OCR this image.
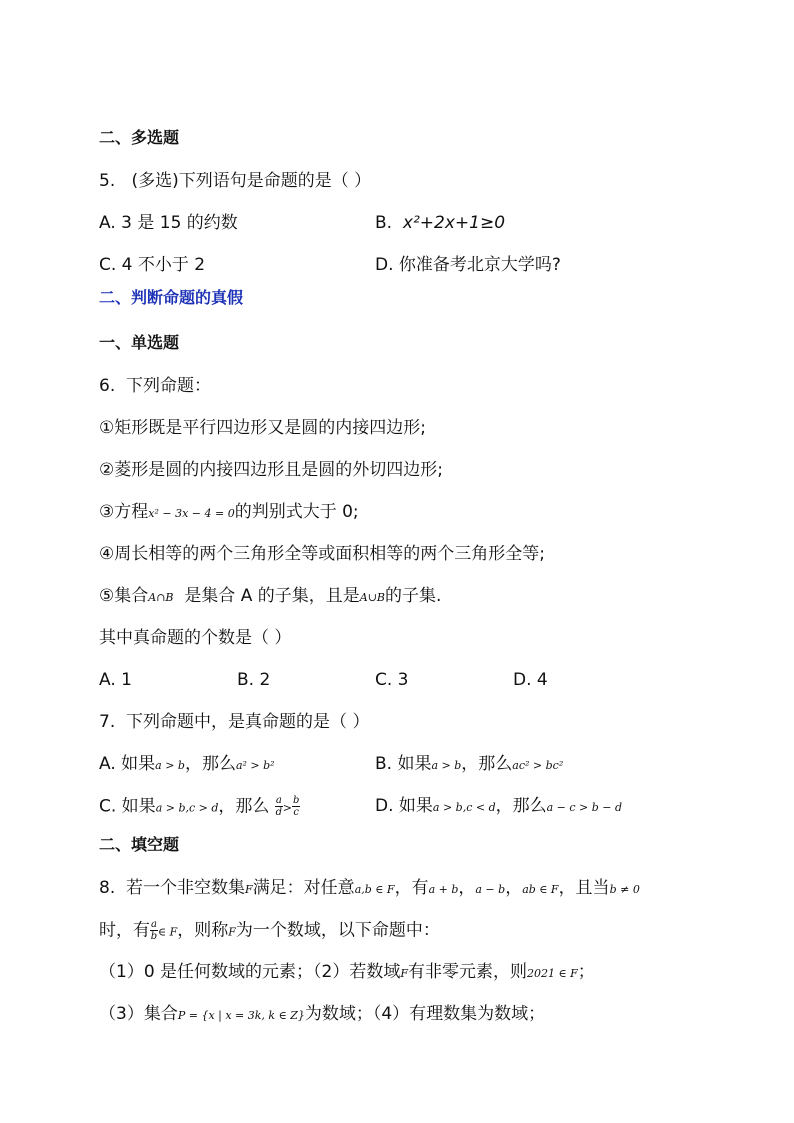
二、多选题
5. (多选)下列语句是命题的是（ ）
A. 3 是 15 的约数	B. x²+2x+1≥0
C. 4 不小于 2	D. 你准备考北京大学吗?
二、判断命题的真假
一、单选题
6. 下列命题：
①矩形既是平行四边形又是圆的内接四边形;
②菱形是圆的内接四边形且是圆的外切四边形;
③方程x² − 3x − 4 = 0的判别式大于 0;
④周长相等的两个三角形全等或面积相等的两个三角形全等;
⑤集合A∩B 是集合 A 的子集，且是A∪B的子集.
其中真命题的个数是（ ）
A. 1	B. 2	C. 3	D. 4
7. 下列命题中，是真命题的是（ ）
A. 如果a > b，那么a² > b²	B. 如果a > b，那么ac² > bc²
C. 如果a > b,c > d，那么 $\frac{a}{d} > \frac{b}{c}$	D. 如果a > b,c < d，那么a − c > b − d
二、填空题
8. 若一个非空数集F满足：对任意a,b ∈ F，有a + b，a − b，ab ∈ F，且当b ≠ 0
时，有 $\frac{a}{b}$ ∈ F，则称F为一个数域，以下命题中：
（1）0 是任何数域的元素；（2）若数域F有非零元素，则2021 ∈ F；
（3）集合P = {x | x = 3k, k ∈ Z}为数域；（4）有理数集为数域；
